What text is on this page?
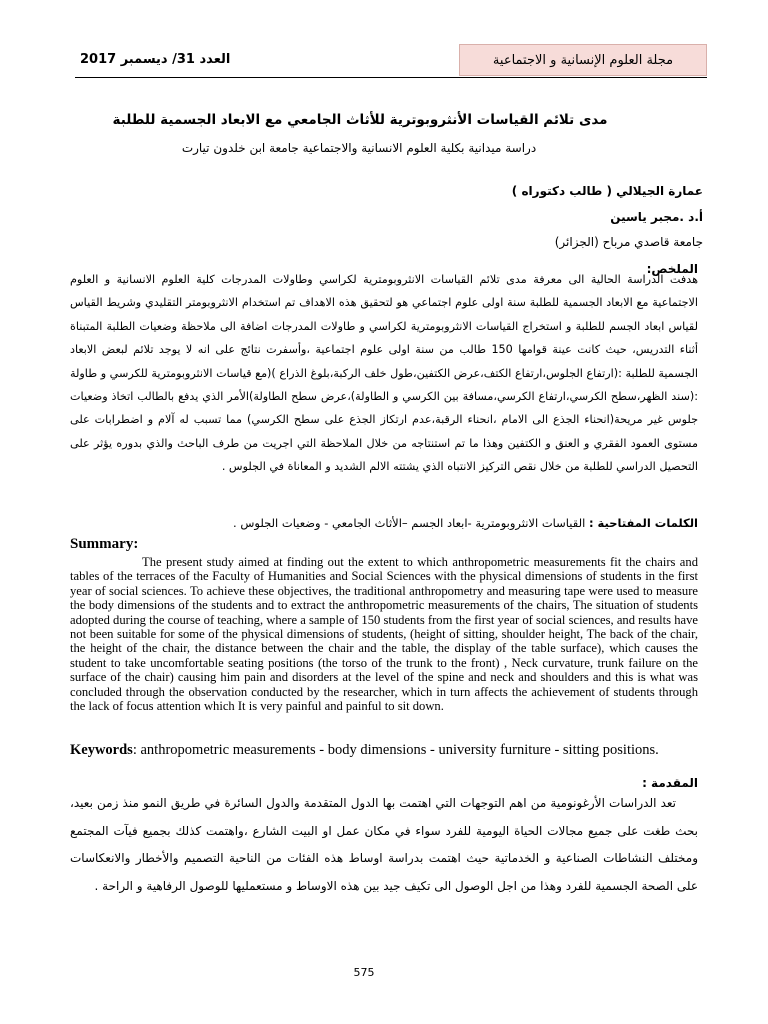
العدد 31/ ديسمبر 2017	مجلة العلوم الإنسانية و الاجتماعية
مدى تلائم القياسات الأنثروبوترية للأثاث الجامعي مع الابعاد الجسمية للطلبة
دراسة ميدانية بكلية العلوم الانسانية والاجتماعية جامعة ابن خلدون تيارت
عمارة الجيلالي ( طالب دكتوراه )
أ.د .مجبر ياسين
جامعة قاصدي مرباح (الجزائر)
الملخص:
هدفت الدراسة الحالية الى معرفة مدى تلائم القياسات الانثروبومترية لكراسي وطاولات المدرجات كلية العلوم الانسانية و العلوم الاجتماعية مع الابعاد الجسمية للطلبة سنة اولى علوم اجتماعي هو لتحقيق هذه الاهداف تم استخدام الانثروبومتر التقليدي وشريط القياس لقياس ابعاد الجسم للطلبة و استخراج القياسات الانثروبومترية لكراسي و طاولات المدرجات اضافة الى ملاحظة وضعيات الطلبة المتبناة أثناء التدريس، حيث كانت عينة قوامها 150 طالب من سنة اولى علوم اجتماعية ،وأسفرت نتائج على انه لا يوجد تلائم لبعض الابعاد الجسمية للطلبة :(ارتفاع الجلوس،ارتفاع الكتف،عرض الكتفين،طول خلف الركبة،بلوغ الذراع )(مع قياسات الانثروبومترية للكرسي و طاولة :(سند الظهر،سطح الكرسي،ارتفاع الكرسي،مسافة بين الكرسي و الطاولة)،عرض سطح الطاولة)الأمر الذي يدفع بالطالب اتخاذ وضعيات جلوس غير مريحة(انحناء الجذع الى الامام ،انحناء الرقبة،عدم ارتكاز الجذع على سطح الكرسي) مما تسبب له آلام و اضطرابات على مستوى العمود الفقري و العنق و الكتفين وهذا ما تم استنتاجه من خلال الملاحظة التي اجريت من طرف الباحث والذي بدوره يؤثر على التحصيل الدراسي للطلبة من خلال نقص التركيز الانتباه الذي يشتته الالم الشديد و المعاناة في الجلوس .
الكلمات المفتاحية : القياسات الانثروبومترية -ابعاد الجسم –الأثاث الجامعي - وضعيات الجلوس .
Summary:
The present study aimed at finding out the extent to which anthropometric measurements fit the chairs and tables of the terraces of the Faculty of Humanities and Social Sciences with the physical dimensions of students in the first year of social sciences. To achieve these objectives, the traditional anthropometry and measuring tape were used to measure the body dimensions of the students and to extract the anthropometric measurements of the chairs, The situation of students adopted during the course of teaching, where a sample of 150 students from the first year of social sciences, and results have not been suitable for some of the physical dimensions of students, (height of sitting, shoulder height, The back of the chair, the height of the chair, the distance between the chair and the table, the display of the table surface), which causes the student to take uncomfortable seating positions (the torso of the trunk to the front) , Neck curvature, trunk failure on the surface of the chair) causing him pain and disorders at the level of the spine and neck and shoulders and this is what was concluded through the observation conducted by the researcher, which in turn affects the achievement of students through the lack of focus attention which It is very painful and painful to sit down.
Keywords: anthropometric measurements - body dimensions - university furniture - sitting positions.
المقدمة :
تعد الدراسات الأرغونومية من اهم التوجهات التي اهتمت بها الدول المتقدمة والدول السائرة في طريق النمو منذ زمن بعيد، بحث طغت على جميع مجالات الحياة اليومية للفرد سواء في مكان عمل او البيت الشارع ،واهتمت كذلك بجميع فيآت المجتمع ومختلف النشاطات الصناعية و الخدماتية حيث اهتمت بدراسة اوساط هذه الفئات من الناحية التصميم والأخطار والانعكاسات على الصحة الجسمية للفرد وهذا من اجل الوصول الى تكيف جيد بين هذه الاوساط و مستعمليها للوصول الرفاهية و الراحة .
575
